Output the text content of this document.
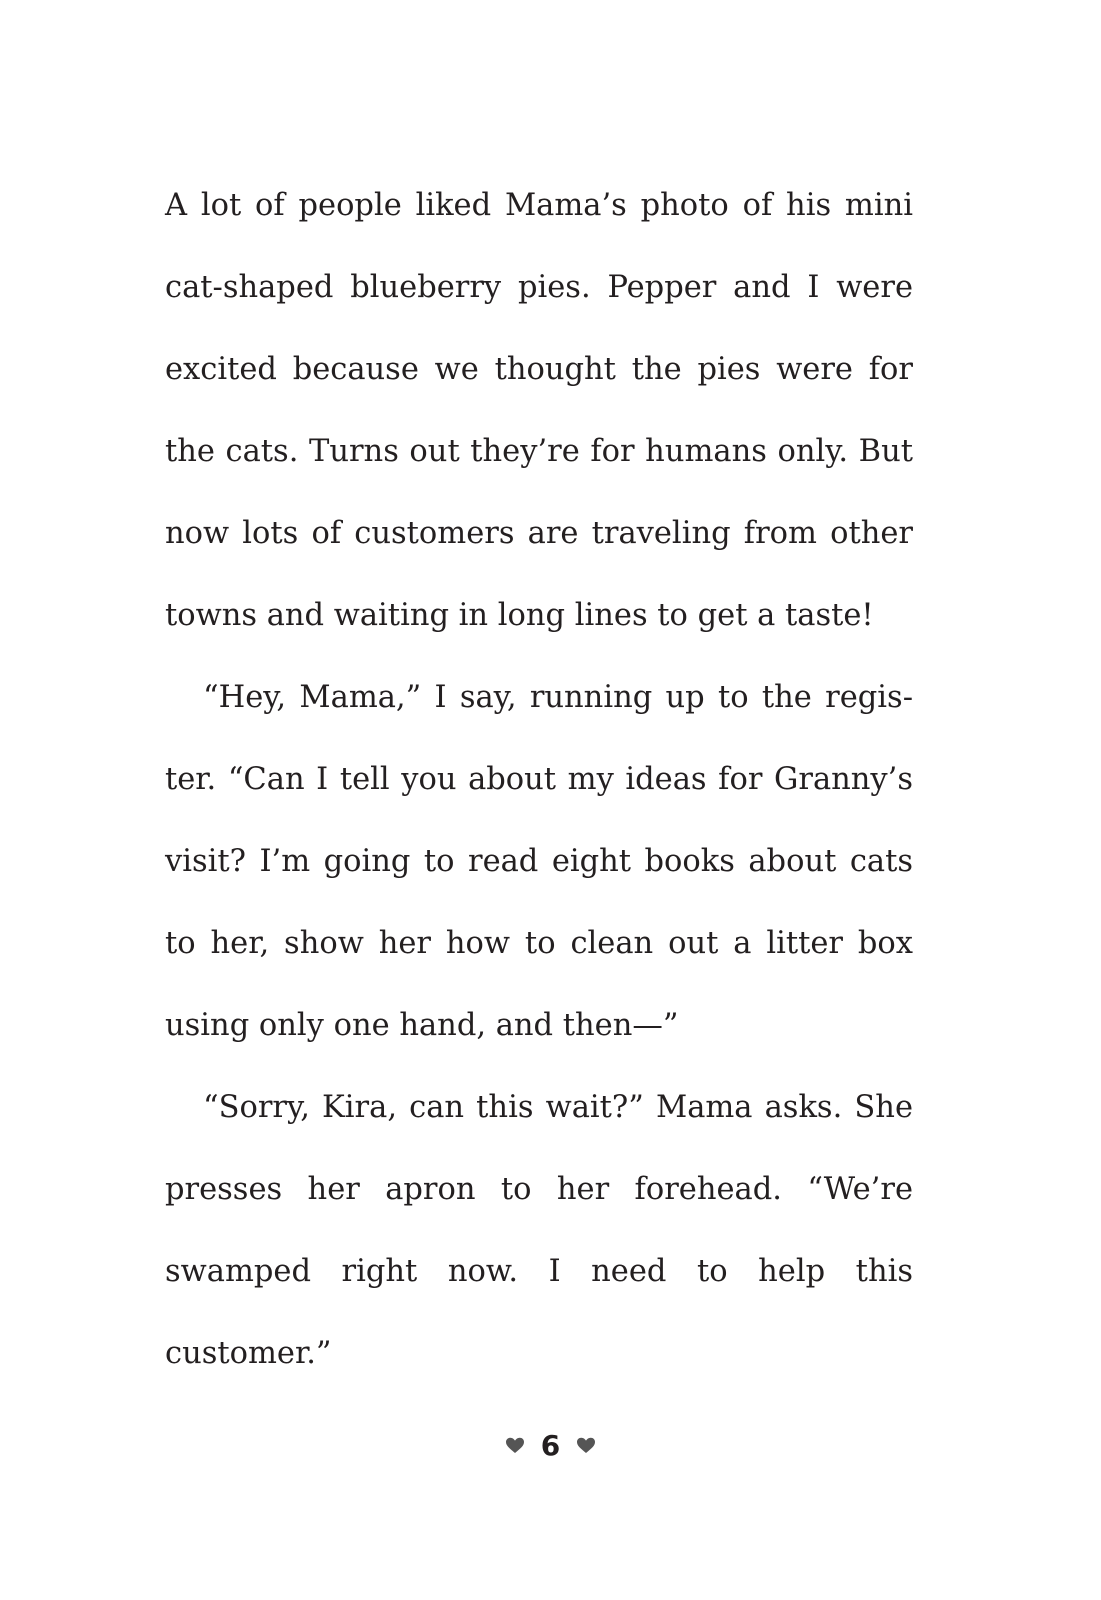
A lot of people liked Mama’s photo of his mini
cat-shaped blueberry pies. Pepper and I were
excited because we thought the pies were for
the cats. Turns out they’re for humans only. But
now lots of customers are traveling from other
towns and waiting in long lines to get a taste!
“Hey, Mama,” I say, running up to the regis-
ter. “Can I tell you about my ideas for Granny’s
visit? I’m going to read eight books about cats
to her, show her how to clean out a litter box
using only one hand, and then—”
“Sorry, Kira, can this wait?” Mama asks. She
presses her apron to her forehead. “We’re
swamped right now. I need to help this
customer.”
6
